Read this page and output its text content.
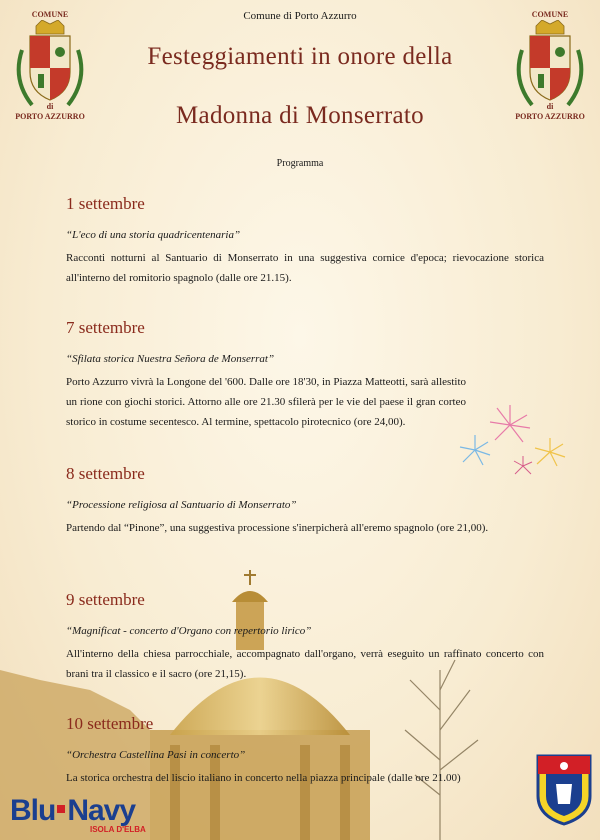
Comune di Porto Azzurro
COMUNE
di
PORTO AZZURRO
COMUNE
di
PORTO AZZURRO
Festeggiamenti in onore della
Madonna di Monserrato
Programma
1 settembre
“L'eco di una storia quadricentenaria”
Racconti notturni al Santuario di Monserrato in una suggestiva cornice d'epoca; rievocazione storica all'interno del romitorio spagnolo (dalle ore 21.15).
7 settembre
“Sfilata storica Nuestra Señora de Monserrat”
Porto Azzurro vivrà la Longone del '600. Dalle ore 18'30, in Piazza Matteotti, sarà allestito un rione con giochi storici. Attorno alle ore 21.30 sfilerà per le vie del paese il gran corteo storico in costume secentesco. Al termine, spettacolo pirotecnico (ore 24,00).
8 settembre
“Processione religiosa al Santuario di Monserrato”
Partendo dal “Pinone”, una suggestiva processione s'inerpicherà all'eremo spagnolo (ore 21,00).
9 settembre
“Magnificat - concerto d'Organo con repertorio lirico”
All'interno della chiesa parrocchiale, accompagnato dall'organo, verrà eseguito un raffinato concerto con brani tra il classico e il sacro (ore 21,15).
10 settembre
“Orchestra Castellina Pasi in concerto”
La storica orchestra del liscio italiano in concerto nella piazza principale (dalle ore 21.00)
Blu Navy
ISOLA D'ELBA
